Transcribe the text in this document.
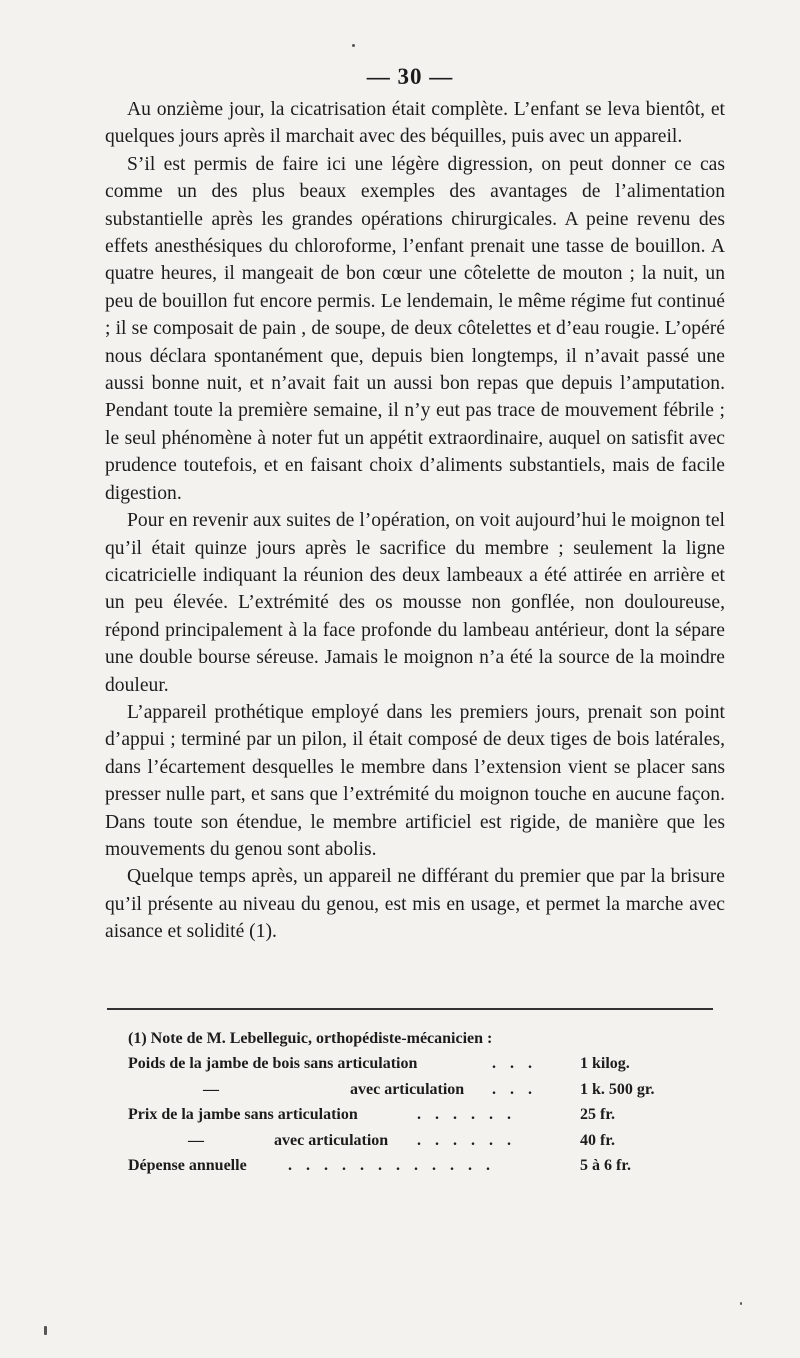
— 30 —

Au onzième jour, la cicatrisation était complète. L’enfant se leva bientôt, et quelques jours après il marchait avec des béquilles, puis avec un appareil.

S’il est permis de faire ici une légère digression, on peut donner ce cas comme un des plus beaux exemples des avantages de l’alimentation substantielle après les grandes opérations chirurgicales. A peine revenu des effets anesthésiques du chloroforme, l’enfant prenait une tasse de bouillon. A quatre heures, il mangeait de bon cœur une côtelette de mouton ; la nuit, un peu de bouillon fut encore permis. Le lendemain, le même régime fut continué ; il se composait de pain , de soupe, de deux côtelettes et d’eau rougie. L’opéré nous déclara spontanément que, depuis bien longtemps, il n’avait passé une aussi bonne nuit, et n’avait fait un aussi bon repas que depuis l’amputation. Pendant toute la première semaine, il n’y eut pas trace de mouvement fébrile ; le seul phénomène à noter fut un appétit extraordinaire, auquel on satisfit avec prudence toutefois, et en faisant choix d’aliments substantiels, mais de facile digestion.

Pour en revenir aux suites de l’opération, on voit aujourd’hui le moignon tel qu’il était quinze jours après le sacrifice du membre ; seulement la ligne cicatricielle indiquant la réunion des deux lambeaux a été attirée en arrière et un peu élevée. L’extrémité des os mousse non gonflée, non douloureuse, répond principalement à la face profonde du lambeau antérieur, dont la sépare une double bourse séreuse. Jamais le moignon n’a été la source de la moindre douleur.

L’appareil prothétique employé dans les premiers jours, prenait son point d’appui ; terminé par un pilon, il était composé de deux tiges de bois latérales, dans l’écartement desquelles le membre dans l’extension vient se placer sans presser nulle part, et sans que l’extrémité du moignon touche en aucune façon. Dans toute son étendue, le membre artificiel est rigide, de manière que les mouvements du genou sont abolis.

Quelque temps après, un appareil ne différant du premier que par la brisure qu’il présente au niveau du genou, est mis en usage, et permet la marche avec aisance et solidité (1).

(1) Note de M. Lebelleguic, orthopédiste-mécanicien :

Poids de la jambe de bois sans articulation	. . .	1 kilog.
—	avec articulation . . .	1 k. 500 gr.
Prix de la jambe sans articulation	. . . . . .	25 fr.
—	avec articulation . . . . . .	40 fr.
Dépense annuelle	. . . . . . . . . . . .	5 à 6 fr.
